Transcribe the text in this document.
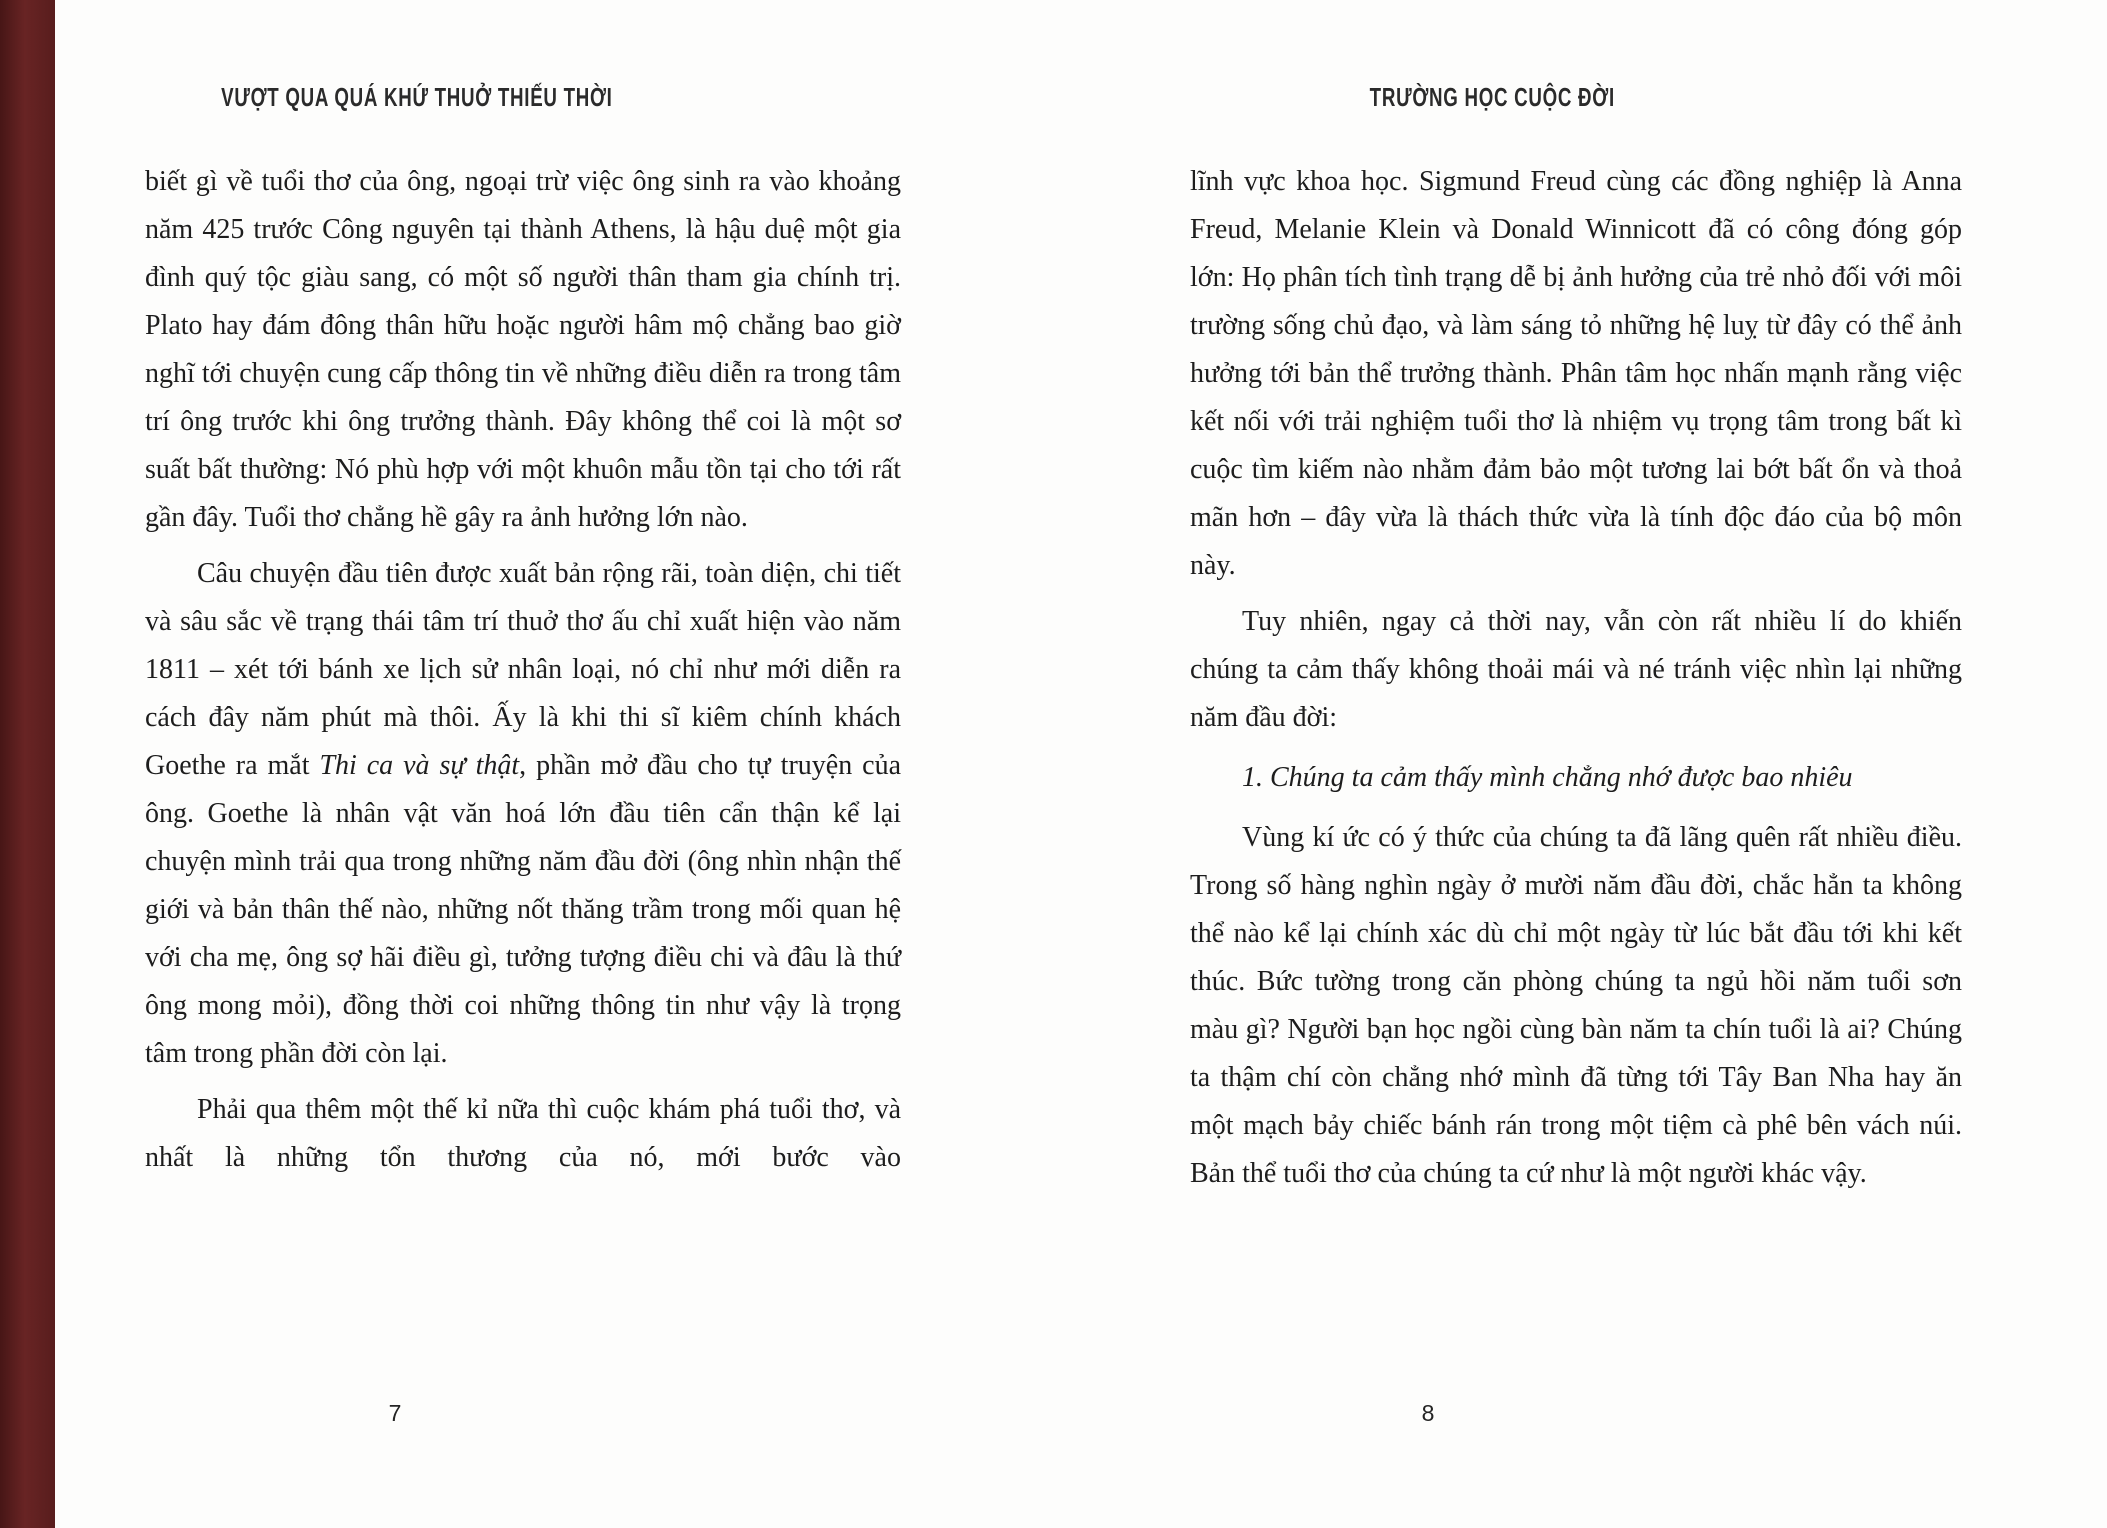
VƯỢT QUA QUÁ KHỨ THUỞ THIẾU THỜI	TRƯỜNG HỌC CUỘC ĐỜI

biết gì về tuổi thơ của ông, ngoại trừ việc ông sinh ra vào khoảng năm 425 trước Công nguyên tại thành Athens, là hậu duệ một gia đình quý tộc giàu sang, có một số người thân tham gia chính trị. Plato hay đám đông thân hữu hoặc người hâm mộ chẳng bao giờ nghĩ tới chuyện cung cấp thông tin về những điều diễn ra trong tâm trí ông trước khi ông trưởng thành. Đây không thể coi là một sơ suất bất thường: Nó phù hợp với một khuôn mẫu tồn tại cho tới rất gần đây. Tuổi thơ chẳng hề gây ra ảnh hưởng lớn nào.

Câu chuyện đầu tiên được xuất bản rộng rãi, toàn diện, chi tiết và sâu sắc về trạng thái tâm trí thuở thơ ấu chỉ xuất hiện vào năm 1811 – xét tới bánh xe lịch sử nhân loại, nó chỉ như mới diễn ra cách đây năm phút mà thôi. Ấy là khi thi sĩ kiêm chính khách Goethe ra mắt Thi ca và sự thật, phần mở đầu cho tự truyện của ông. Goethe là nhân vật văn hoá lớn đầu tiên cẩn thận kể lại chuyện mình trải qua trong những năm đầu đời (ông nhìn nhận thế giới và bản thân thế nào, những nốt thăng trầm trong mối quan hệ với cha mẹ, ông sợ hãi điều gì, tưởng tượng điều chi và đâu là thứ ông mong mỏi), đồng thời coi những thông tin như vậy là trọng tâm trong phần đời còn lại.

Phải qua thêm một thế kỉ nữa thì cuộc khám phá tuổi thơ, và nhất là những tổn thương của nó, mới bước vào

lĩnh vực khoa học. Sigmund Freud cùng các đồng nghiệp là Anna Freud, Melanie Klein và Donald Winnicott đã có công đóng góp lớn: Họ phân tích tình trạng dễ bị ảnh hưởng của trẻ nhỏ đối với môi trường sống chủ đạo, và làm sáng tỏ những hệ luỵ từ đây có thể ảnh hưởng tới bản thể trưởng thành. Phân tâm học nhấn mạnh rằng việc kết nối với trải nghiệm tuổi thơ là nhiệm vụ trọng tâm trong bất kì cuộc tìm kiếm nào nhằm đảm bảo một tương lai bớt bất ổn và thoả mãn hơn – đây vừa là thách thức vừa là tính độc đáo của bộ môn này.

Tuy nhiên, ngay cả thời nay, vẫn còn rất nhiều lí do khiến chúng ta cảm thấy không thoải mái và né tránh việc nhìn lại những năm đầu đời:

1. Chúng ta cảm thấy mình chẳng nhớ được bao nhiêu

Vùng kí ức có ý thức của chúng ta đã lãng quên rất nhiều điều. Trong số hàng nghìn ngày ở mười năm đầu đời, chắc hẳn ta không thể nào kể lại chính xác dù chỉ một ngày từ lúc bắt đầu tới khi kết thúc. Bức tường trong căn phòng chúng ta ngủ hồi năm tuổi sơn màu gì? Người bạn học ngồi cùng bàn năm ta chín tuổi là ai? Chúng ta thậm chí còn chẳng nhớ mình đã từng tới Tây Ban Nha hay ăn một mạch bảy chiếc bánh rán trong một tiệm cà phê bên vách núi. Bản thể tuổi thơ của chúng ta cứ như là một người khác vậy.

7	8
